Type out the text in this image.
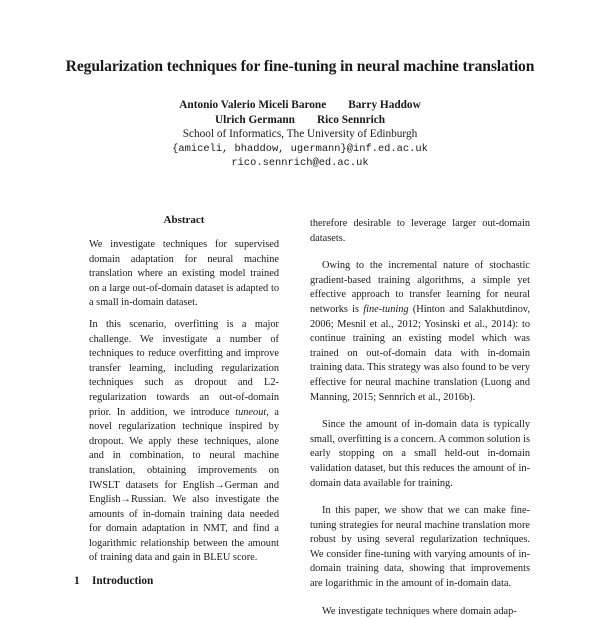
Regularization techniques for fine-tuning in neural machine translation
Antonio Valerio Miceli Barone Barry Haddow
Ulrich Germann Rico Sennrich
School of Informatics, The University of Edinburgh
{amiceli, bhaddow, ugermann}@inf.ed.ac.uk
rico.sennrich@ed.ac.uk
Abstract

We investigate techniques for supervised domain adaptation for neural machine translation where an existing model trained on a large out-of-domain dataset is adapted to a small in-domain dataset.

In this scenario, overfitting is a major challenge. We investigate a number of techniques to reduce overfitting and improve transfer learning, including regularization techniques such as dropout and L2-regularization towards an out-of-domain prior. In addition, we introduce tuneout, a novel regularization technique inspired by dropout. We apply these techniques, alone and in combination, to neural machine translation, obtaining improvements on IWSLT datasets for English→German and English→Russian. We also investigate the amounts of in-domain training data needed for domain adaptation in NMT, and find a logarithmic relationship between the amount of training data and gain in BLEU score.

1 Introduction

therefore desirable to leverage larger out-domain datasets.

Owing to the incremental nature of stochastic gradient-based training algorithms, a simple yet effective approach to transfer learning for neural networks is fine-tuning (Hinton and Salakhutdinov, 2006; Mesnil et al., 2012; Yosinski et al., 2014): to continue training an existing model which was trained on out-of-domain data with in-domain training data. This strategy was also found to be very effective for neural machine translation (Luong and Manning, 2015; Sennrich et al., 2016b).

Since the amount of in-domain data is typically small, overfitting is a concern. A common solution is early stopping on a small held-out in-domain validation dataset, but this reduces the amount of in-domain data available for training.

In this paper, we show that we can make fine-tuning strategies for neural machine translation more robust by using several regularization techniques. We consider fine-tuning with varying amounts of in-domain training data, showing that improvements are logarithmic in the amount of in-domain data.

We investigate techniques where domain adap-
